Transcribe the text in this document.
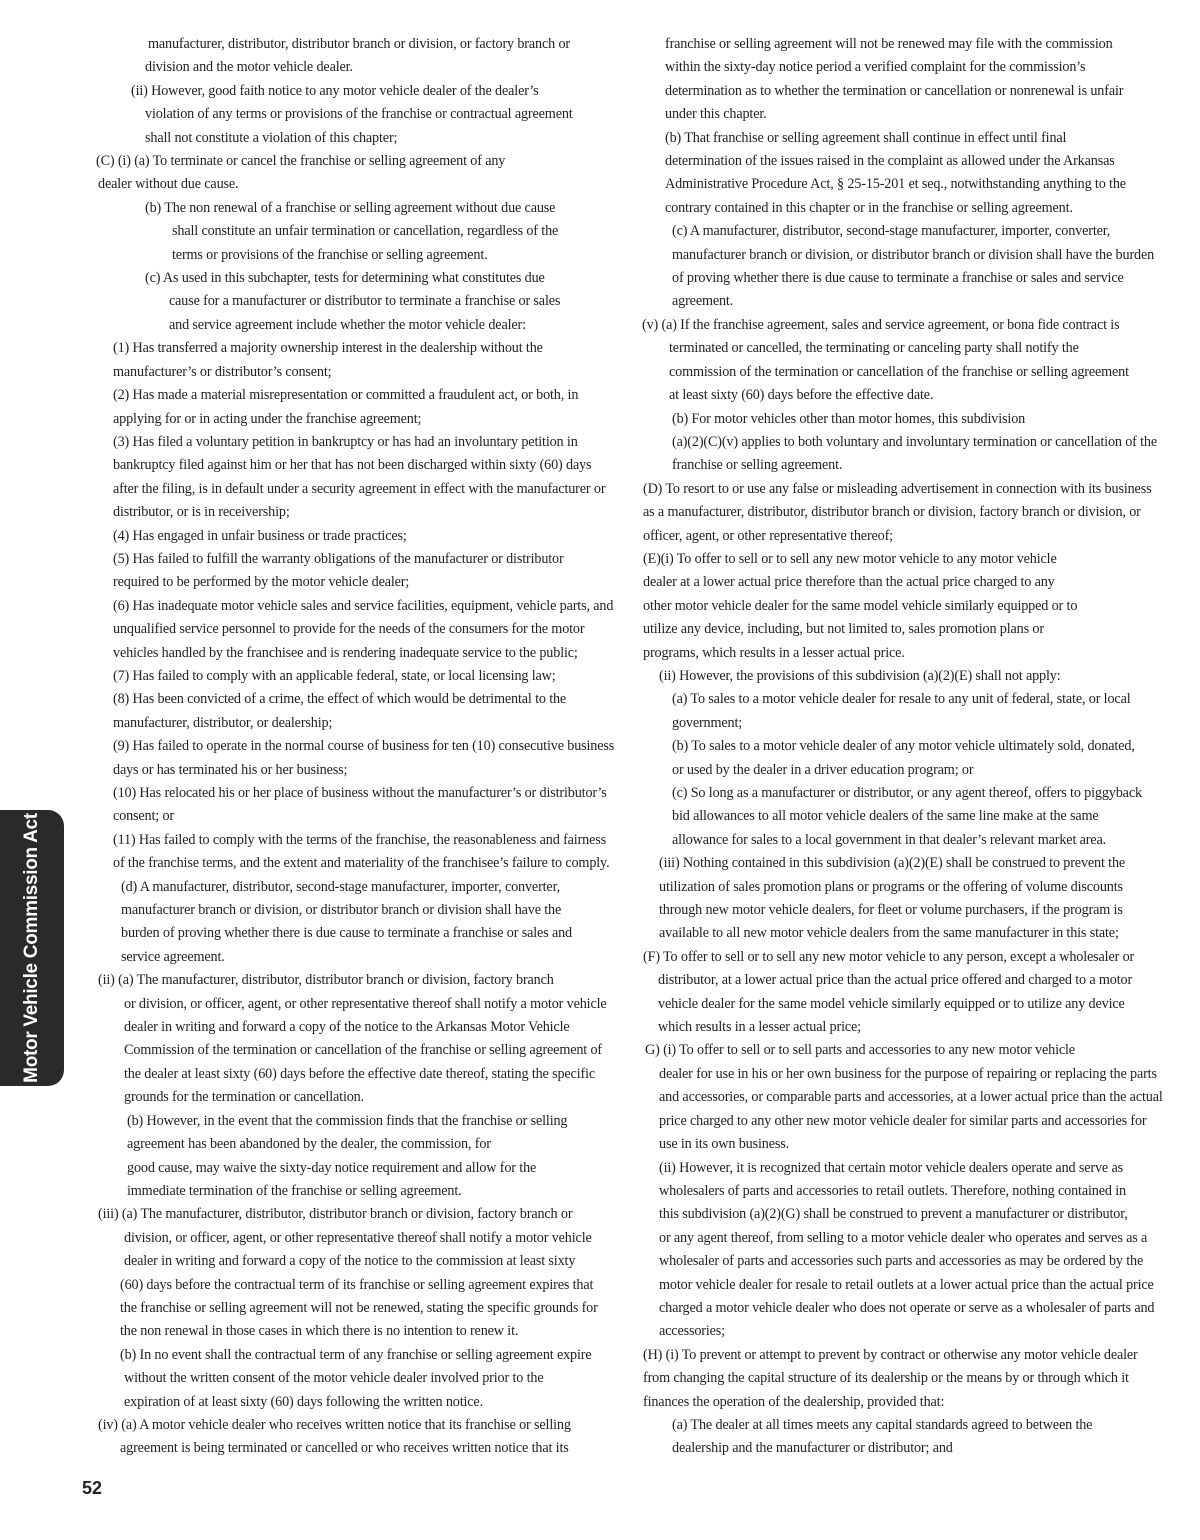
manufacturer, distributor, distributor branch or division, or factory branch or
division and the motor vehicle dealer.
(ii) However, good faith notice to any motor vehicle dealer of the dealer’s
violation of any terms or provisions of the franchise or contractual agreement
shall not constitute a violation of this chapter;
(C) (i) (a) To terminate or cancel the franchise or selling agreement of any
dealer without due cause.
(b) The non renewal of a franchise or selling agreement without due cause
shall constitute an unfair termination or cancellation, regardless of the
terms or provisions of the franchise or selling agreement.
(c) As used in this subchapter, tests for determining what constitutes due
cause for a manufacturer or distributor to terminate a franchise or sales
and service agreement include whether the motor vehicle dealer:
(1) Has transferred a majority ownership interest in the dealership without the
manufacturer’s or distributor’s consent;
(2) Has made a material misrepresentation or committed a fraudulent act, or both, in
applying for or in acting under the franchise agreement;
(3) Has filed a voluntary petition in bankruptcy or has had an involuntary petition in
bankruptcy filed against him or her that has not been discharged within sixty (60) days
after the filing, is in default under a security agreement in effect with the manufacturer or
distributor, or is in receivership;
(4) Has engaged in unfair business or trade practices;
(5) Has failed to fulfill the warranty obligations of the manufacturer or distributor
required to be performed by the motor vehicle dealer;
(6) Has inadequate motor vehicle sales and service facilities, equipment, vehicle parts, and
unqualified service personnel to provide for the needs of the consumers for the motor
vehicles handled by the franchisee and is rendering inadequate service to the public;
(7) Has failed to comply with an applicable federal, state, or local licensing law;
(8) Has been convicted of a crime, the effect of which would be detrimental to the
manufacturer, distributor, or dealership;
(9) Has failed to operate in the normal course of business for ten (10) consecutive business
days or has terminated his or her business;
(10) Has relocated his or her place of business without the manufacturer’s or distributor’s
consent; or
(11) Has failed to comply with the terms of the franchise, the reasonableness and fairness
of the franchise terms, and the extent and materiality of the franchisee’s failure to comply.
(d) A manufacturer, distributor, second-stage manufacturer, importer, converter,
manufacturer branch or division, or distributor branch or division shall have the
burden of proving whether there is due cause to terminate a franchise or sales and
service agreement.
(ii) (a) The manufacturer, distributor, distributor branch or division, factory branch
or division, or officer, agent, or other representative thereof shall notify a motor vehicle
dealer in writing and forward a copy of the notice to the Arkansas Motor Vehicle
Commission of the termination or cancellation of the franchise or selling agreement of
the dealer at least sixty (60) days before the effective date thereof, stating the specific
grounds for the termination or cancellation.
(b) However, in the event that the commission finds that the franchise or selling
agreement has been abandoned by the dealer, the commission, for
good cause, may waive the sixty-day notice requirement and allow for the
immediate termination of the franchise or selling agreement.
(iii) (a) The manufacturer, distributor, distributor branch or division, factory branch or
division, or officer, agent, or other representative thereof shall notify a motor vehicle
dealer in writing and forward a copy of the notice to the commission at least sixty
(60) days before the contractual term of its franchise or selling agreement expires that
the franchise or selling agreement will not be renewed, stating the specific grounds for
the non renewal in those cases in which there is no intention to renew it.
(b) In no event shall the contractual term of any franchise or selling agreement expire
without the written consent of the motor vehicle dealer involved prior to the
expiration of at least sixty (60) days following the written notice.
(iv) (a) A motor vehicle dealer who receives written notice that its franchise or selling
agreement is being terminated or cancelled or who receives written notice that its
franchise or selling agreement will not be renewed may file with the commission
within the sixty-day notice period a verified complaint for the commission’s
determination as to whether the termination or cancellation or nonrenewal is unfair
under this chapter.
(b) That franchise or selling agreement shall continue in effect until final
determination of the issues raised in the complaint as allowed under the Arkansas
Administrative Procedure Act, § 25-15-201 et seq., notwithstanding anything to the
contrary contained in this chapter or in the franchise or selling agreement.
(c) A manufacturer, distributor, second-stage manufacturer, importer, converter,
manufacturer branch or division, or distributor branch or division shall have the burden
of proving whether there is due cause to terminate a franchise or sales and service
agreement.
(v) (a) If the franchise agreement, sales and service agreement, or bona fide contract is
terminated or cancelled, the terminating or canceling party shall notify the
commission of the termination or cancellation of the franchise or selling agreement
at least sixty (60) days before the effective date.
(b) For motor vehicles other than motor homes, this subdivision
(a)(2)(C)(v) applies to both voluntary and involuntary termination or cancellation of the
franchise or selling agreement.
(D) To resort to or use any false or misleading advertisement in connection with its business
as a manufacturer, distributor, distributor branch or division, factory branch or division, or
officer, agent, or other representative thereof;
(E)(i) To offer to sell or to sell any new motor vehicle to any motor vehicle
dealer at a lower actual price therefore than the actual price charged to any
other motor vehicle dealer for the same model vehicle similarly equipped or to
utilize any device, including, but not limited to, sales promotion plans or
programs, which results in a lesser actual price.
(ii) However, the provisions of this subdivision (a)(2)(E) shall not apply:
(a) To sales to a motor vehicle dealer for resale to any unit of federal, state, or local
government;
(b) To sales to a motor vehicle dealer of any motor vehicle ultimately sold, donated,
or used by the dealer in a driver education program; or
(c) So long as a manufacturer or distributor, or any agent thereof, offers to piggyback
bid allowances to all motor vehicle dealers of the same line make at the same
allowance for sales to a local government in that dealer’s relevant market area.
(iii) Nothing contained in this subdivision (a)(2)(E) shall be construed to prevent the
utilization of sales promotion plans or programs or the offering of volume discounts
through new motor vehicle dealers, for fleet or volume purchasers, if the program is
available to all new motor vehicle dealers from the same manufacturer in this state;
(F) To offer to sell or to sell any new motor vehicle to any person, except a wholesaler or
distributor, at a lower actual price than the actual price offered and charged to a motor
vehicle dealer for the same model vehicle similarly equipped or to utilize any device
which results in a lesser actual price;
G) (i) To offer to sell or to sell parts and accessories to any new motor vehicle
dealer for use in his or her own business for the purpose of repairing or replacing the parts
and accessories, or comparable parts and accessories, at a lower actual price than the actual
price charged to any other new motor vehicle dealer for similar parts and accessories for
use in its own business.
(ii) However, it is recognized that certain motor vehicle dealers operate and serve as
wholesalers of parts and accessories to retail outlets. Therefore, nothing contained in
this subdivision (a)(2)(G) shall be construed to prevent a manufacturer or distributor,
or any agent thereof, from selling to a motor vehicle dealer who operates and serves as a
wholesaler of parts and accessories such parts and accessories as may be ordered by the
motor vehicle dealer for resale to retail outlets at a lower actual price than the actual price
charged a motor vehicle dealer who does not operate or serve as a wholesaler of parts and
accessories;
(H) (i) To prevent or attempt to prevent by contract or otherwise any motor vehicle dealer
from changing the capital structure of its dealership or the means by or through which it
finances the operation of the dealership, provided that:
(a) The dealer at all times meets any capital standards agreed to between the
dealership and the manufacturer or distributor; and
Motor Vehicle Commission Act
52
